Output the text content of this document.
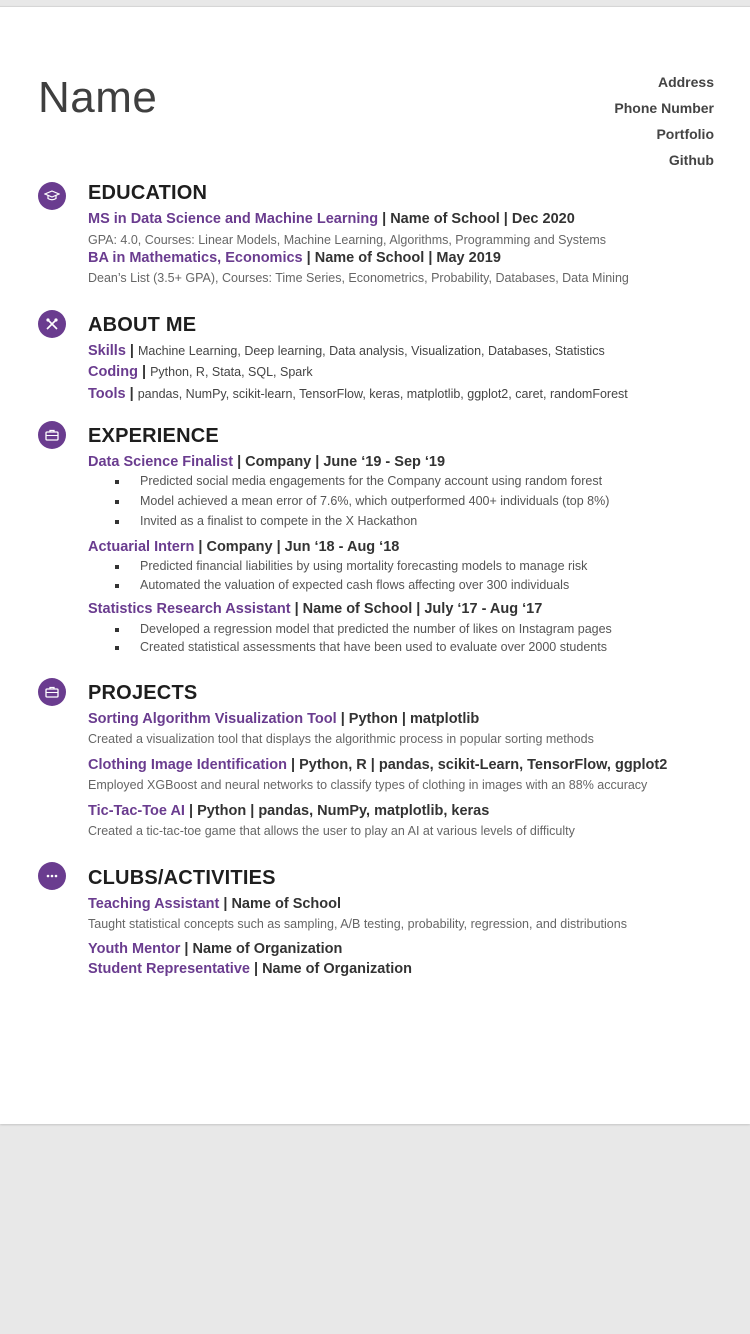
Name	Address
Phone Number
Portfolio
Github
EDUCATION
MS in Data Science and Machine Learning | Name of School | Dec 2020
GPA: 4.0, Courses: Linear Models, Machine Learning, Algorithms, Programming and Systems
BA in Mathematics, Economics | Name of School | May 2019
Dean’s List (3.5+ GPA), Courses: Time Series, Econometrics, Probability, Databases, Data Mining
ABOUT ME
Skills | Machine Learning, Deep learning, Data analysis, Visualization, Databases, Statistics
Coding | Python, R, Stata, SQL, Spark
Tools | pandas, NumPy, scikit-learn, TensorFlow, keras, matplotlib, ggplot2, caret, randomForest
EXPERIENCE
Data Science Finalist | Company | June ‘19 - Sep ‘19
Predicted social media engagements for the Company account using random forest
Model achieved a mean error of 7.6%, which outperformed 400+ individuals (top 8%)
Invited as a finalist to compete in the X Hackathon
Actuarial Intern | Company | Jun ‘18 - Aug ‘18
Predicted financial liabilities by using mortality forecasting models to manage risk
Automated the valuation of expected cash flows affecting over 300 individuals
Statistics Research Assistant | Name of School | July ‘17 - Aug ‘17
Developed a regression model that predicted the number of likes on Instagram pages
Created statistical assessments that have been used to evaluate over 2000 students
PROJECTS
Sorting Algorithm Visualization Tool | Python | matplotlib
Created a visualization tool that displays the algorithmic process in popular sorting methods
Clothing Image Identification | Python, R | pandas, scikit-Learn, TensorFlow, ggplot2
Employed XGBoost and neural networks to classify types of clothing in images with an 88% accuracy
Tic-Tac-Toe AI | Python | pandas, NumPy, matplotlib, keras
Created a tic-tac-toe game that allows the user to play an AI at various levels of difficulty
CLUBS/ACTIVITIES
Teaching Assistant | Name of School
Taught statistical concepts such as sampling, A/B testing, probability, regression, and distributions
Youth Mentor | Name of Organization
Student Representative | Name of Organization
